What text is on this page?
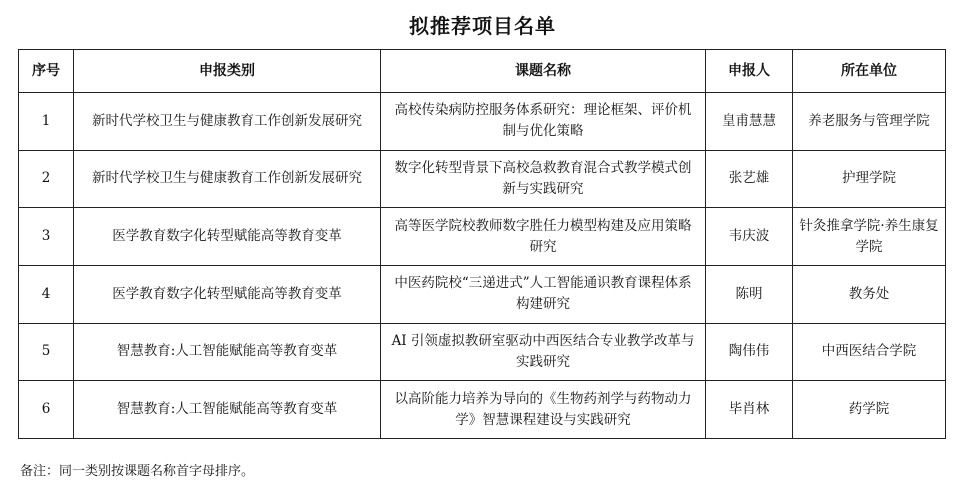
拟推荐项目名单
序号	申报类别	课题名称	申报人	所在单位
1	新时代学校卫生与健康教育工作创新发展研究	高校传染病防控服务体系研究：理论框架、评价机制与优化策略	皇甫慧慧	养老服务与管理学院
2	新时代学校卫生与健康教育工作创新发展研究	数字化转型背景下高校急救教育混合式教学模式创新与实践研究	张艺雄	护理学院
3	医学教育数字化转型赋能高等教育变革	高等医学院校教师数字胜任力模型构建及应用策略研究	韦庆波	针灸推拿学院·养生康复学院
4	医学教育数字化转型赋能高等教育变革	中医药院校“三递进式”人工智能通识教育课程体系构建研究	陈明	教务处
5	智慧教育:人工智能赋能高等教育变革	AI 引领虚拟教研室驱动中西医结合专业教学改革与实践研究	陶伟伟	中西医结合学院
6	智慧教育:人工智能赋能高等教育变革	以高阶能力培养为导向的《生物药剂学与药物动力学》智慧课程建设与实践研究	毕肖林	药学院
备注：同一类别按课题名称首字母排序。
